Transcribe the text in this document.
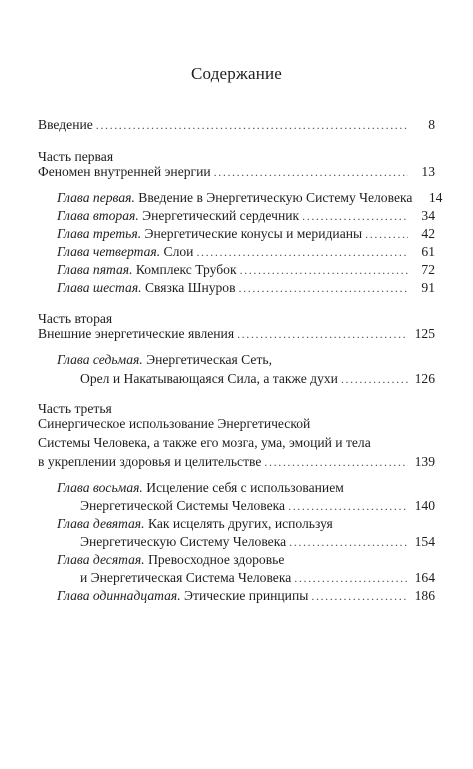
Содержание
Введение .....	8
Часть первая
Феномен внутренней энергии .....	13
Глава первая. Введение в Энергетическую Систему Человека	14
Глава вторая. Энергетический сердечник .....	34
Глава третья. Энергетические конусы и меридианы .....	42
Глава четвертая. Слои .....	61
Глава пятая. Комплекс Трубок .....	72
Глава шестая. Связка Шнуров .....	91
Часть вторая
Внешние энергетические явления .....	125
Глава седьмая. Энергетическая Сеть,
Орел и Накатывающаяся Сила, а также духи .....	126
Часть третья
Синергическое использование Энергетической
Системы Человека, а также его мозга, ума, эмоций и тела
в укреплении здоровья и целительстве .....	139
Глава восьмая. Исцеление себя с использованием
Энергетической Системы Человека .....	140
Глава девятая. Как исцелять других, используя
Энергетическую Систему Человека .....	154
Глава десятая. Превосходное здоровье
и Энергетическая Система Человека .....	164
Глава одиннадцатая. Этические принципы .....	186
